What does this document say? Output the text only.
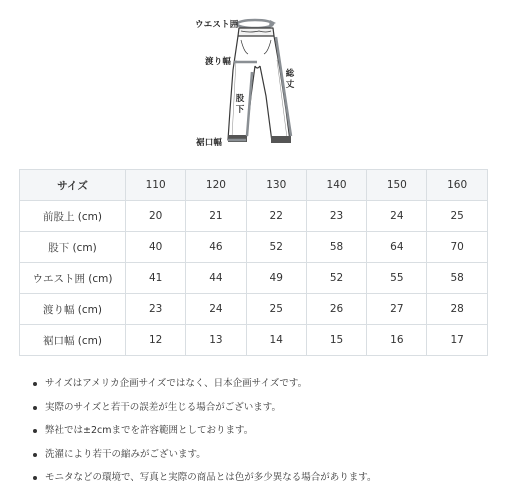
ウエスト囲
渡り幅
股下
総丈
裾口幅
サイズ	110	120	130	140	150	160
前股上 (cm)	20	21	22	23	24	25
股下 (cm)	40	46	52	58	64	70
ウエスト囲 (cm)	41	44	49	52	55	58
渡り幅 (cm)	23	24	25	26	27	28
裾口幅 (cm)	12	13	14	15	16	17
サイズはアメリカ企画サイズではなく、日本企画サイズです。
実際のサイズと若干の誤差が生じる場合がございます。
弊社では±2cmまでを許容範囲としております。
洗濯により若干の縮みがございます。
モニタなどの環境で、写真と実際の商品とは色が多少異なる場合があります。
